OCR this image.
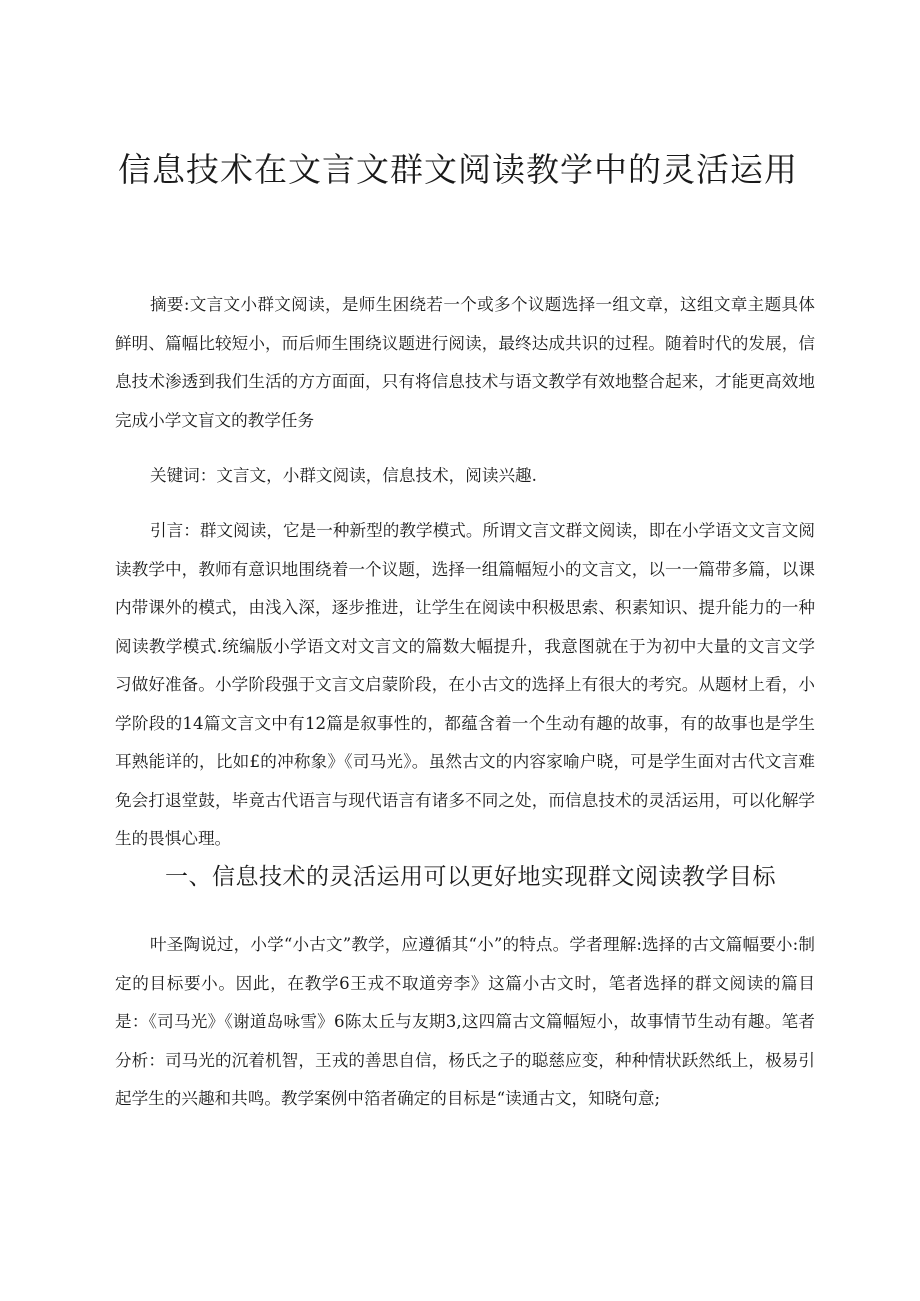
信息技术在文言文群文阅读教学中的灵活运用

摘要:文言文小群文阅读，是师生困绕若一个或多个议题选择一组文章，这组文章主题具体鲜明、篇幅比较短小，而后师生围绕议题进行阅读，最终达成共识的过程。随着时代的发展，信息技术渗透到我们生活的方方面面，只有将信息技术与语文教学有效地整合起来，才能更高效地完成小学文盲文的教学任务

关键词：文言文，小群文阅读，信息技术，阅读兴趣.

引言：群文阅读，它是一种新型的教学模式。所谓文言文群文阅读，即在小学语文文言文阅读教学中，教师有意识地围绕着一个议题，选择一组篇幅短小的文言文，以一一篇带多篇，以课内带课外的模式，由浅入深，逐步推进，让学生在阅读中积极思索、积素知识、提升能力的一种阅读教学模式.统编版小学语文对文言文的篇数大幅提升，我意图就在于为初中大量的文言文学习做好准备。小学阶段强于文言文启蒙阶段，在小古文的选择上有很大的考究。从题材上看，小学阶段的14篇文言文中有12篇是叙事性的，都蕴含着一个生动有趣的故事，有的故事也是学生耳熟能详的，比如£的冲称象》《司马光》。虽然古文的内容家喻户晓，可是学生面对古代文言难免会打退堂鼓，毕竟古代语言与现代语言有诸多不同之处，而信息技术的灵活运用，可以化解学生的畏惧心理。

一、信息技术的灵活运用可以更好地实现群文阅读教学目标

叶圣陶说过，小学“小古文”教学，应遵循其“小”的特点。学者理解:选择的古文篇幅要小:制定的目标要小。因此，在教学6王戎不取道旁李》这篇小古文时，笔者选择的群文阅读的篇目是：《司马光》《谢道岛咏雪》6陈太丘与友期3,这四篇古文篇幅短小，故事情节生动有趣。笔者分析：司马光的沉着机智，王戎的善思自信，杨氏之子的聪慈应变，种种情状跃然纸上，极易引起学生的兴趣和共鸣。教学案例中箔者确定的目标是“读通古文，知晓句意;
